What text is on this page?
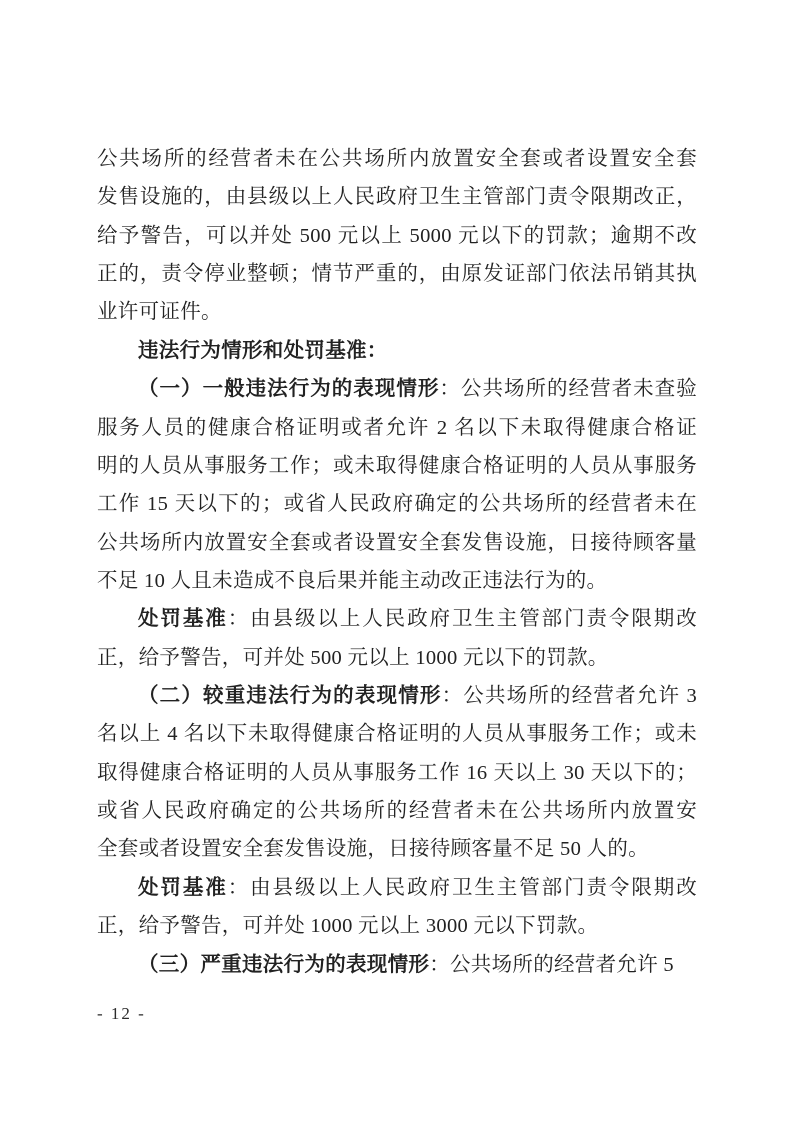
公共场所的经营者未在公共场所内放置安全套或者设置安全套
发售设施的，由县级以上人民政府卫生主管部门责令限期改正，
给予警告，可以并处 500 元以上 5000 元以下的罚款；逾期不改
正的，责令停业整顿；情节严重的，由原发证部门依法吊销其执
业许可证件。
违法行为情形和处罚基准：
（一）一般违法行为的表现情形：公共场所的经营者未查验
服务人员的健康合格证明或者允许 2 名以下未取得健康合格证
明的人员从事服务工作；或未取得健康合格证明的人员从事服务
工作 15 天以下的；或省人民政府确定的公共场所的经营者未在
公共场所内放置安全套或者设置安全套发售设施，日接待顾客量
不足 10 人且未造成不良后果并能主动改正违法行为的。
处罚基准：由县级以上人民政府卫生主管部门责令限期改
正，给予警告，可并处 500 元以上 1000 元以下的罚款。
（二）较重违法行为的表现情形：公共场所的经营者允许 3
名以上 4 名以下未取得健康合格证明的人员从事服务工作；或未
取得健康合格证明的人员从事服务工作 16 天以上 30 天以下的；
或省人民政府确定的公共场所的经营者未在公共场所内放置安
全套或者设置安全套发售设施，日接待顾客量不足 50 人的。
处罚基准：由县级以上人民政府卫生主管部门责令限期改
正，给予警告，可并处 1000 元以上 3000 元以下罚款。
（三）严重违法行为的表现情形：公共场所的经营者允许 5
- 12 -
